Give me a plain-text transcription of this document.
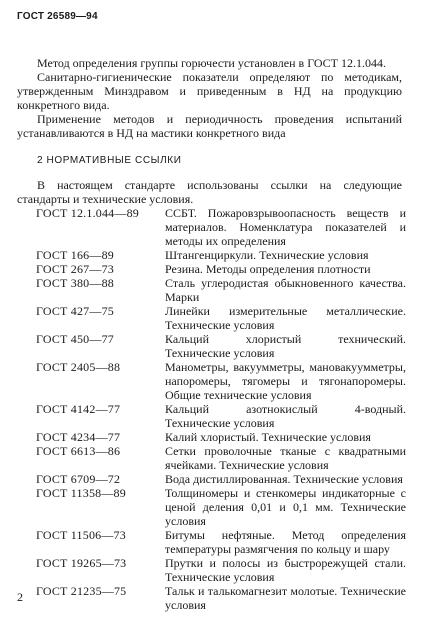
ГОСТ 26589—94

Метод определения группы горючести установлен в ГОСТ 12.1.044.

Санитарно-гигиенические показатели определяют по методикам, утвержденным Минздравом и приведенным в НД на продукцию конкретного вида.

Применение методов и периодичность проведения испытаний устанавливаются в НД на мастики конкретного вида

2 НОРМАТИВНЫЕ ССЫЛКИ

В настоящем стандарте использованы ссылки на следующие стандарты и технические условия.

ГОСТ 12.1.044—89	ССБТ. Пожаровзрывоопасность веществ и материалов. Номенклатура показателей и методы их определения
ГОСТ 166—89	Штангенциркули. Технические условия
ГОСТ 267—73	Резина. Методы определения плотности
ГОСТ 380—88	Сталь углеродистая обыкновенного качества. Марки
ГОСТ 427—75	Линейки измерительные металлические. Технические условия
ГОСТ 450—77	Кальций хлористый технический. Технические условия
ГОСТ 2405—88	Манометры, вакуумметры, мановакуумметры, напоромеры, тягомеры и тягонапоромеры. Общие технические условия
ГОСТ 4142—77	Кальций азотнокислый 4-водный. Технические условия
ГОСТ 4234—77	Калий хлористый. Технические условия
ГОСТ 6613—86	Сетки проволочные тканые с квадратными ячейками. Технические условия
ГОСТ 6709—72	Вода дистиллированная. Технические условия
ГОСТ 11358—89	Толщиномеры и стенкомеры индикаторные с ценой деления 0,01 и 0,1 мм. Технические условия
ГОСТ 11506—73	Битумы нефтяные. Метод определения температуры размягчения по кольцу и шару
ГОСТ 19265—73	Прутки и полосы из быстрорежущей стали. Технические условия
ГОСТ 21235—75	Тальк и талькомагнезит молотые. Технические условия
2
